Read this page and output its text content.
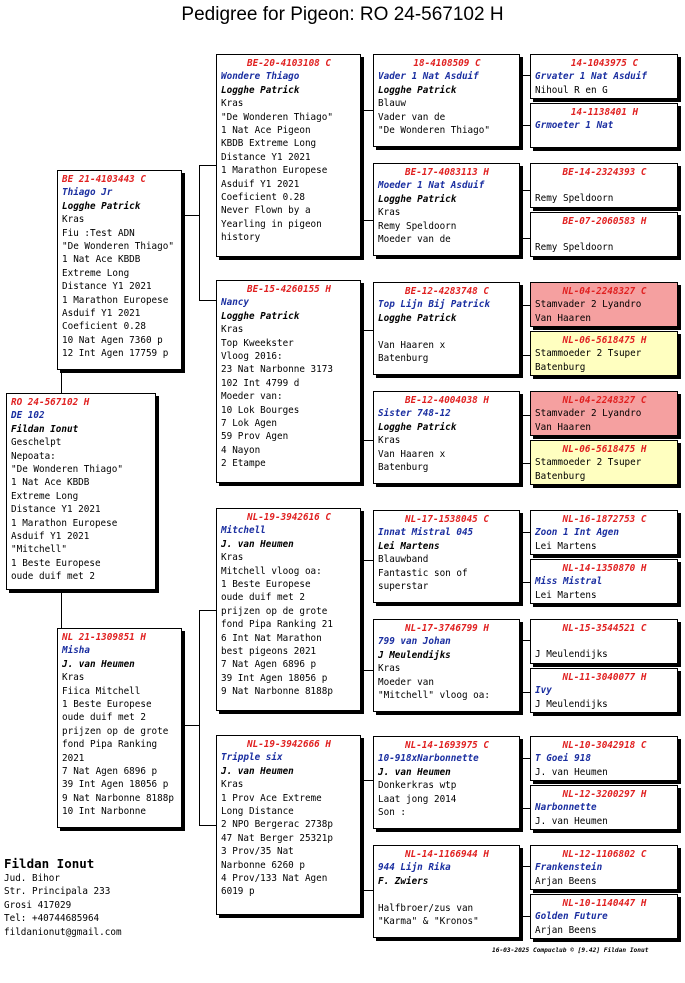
Pedigree for Pigeon: RO 24-567102 H
RO 24-567102 H
DE 102
Fildan Ionut
Geschelpt
Nepoata:
"De Wonderen Thiago"
1 Nat Ace KBDB
Extreme Long
Distance Y1 2021
1 Marathon Europese
Asduif Y1 2021
"Mitchell"
1 Beste Europese
oude duif met 2
BE 21-4103443 C
Thiago Jr
Logghe Patrick
Kras
Fiu :Test ADN
"De Wonderen Thiago"
1 Nat Ace KBDB
Extreme Long
Distance Y1 2021
1 Marathon Europese
Asduif Y1 2021
Coeficient 0.28
10 Nat Agen 7360 p
12 Int Agen 17759 p
NL 21-1309851 H
Misha
J. van Heumen
Kras
Fiica Mitchell
1 Beste Europese
oude duif met 2
prijzen op de grote
fond Pipa Ranking
2021
7 Nat Agen 6896 p
39 Int Agen 18056 p
9 Nat Narbonne 8188p
10 Int Narbonne
BE-20-4103108 C
Wondere Thiago
Logghe Patrick
Kras
"De Wonderen Thiago"
1 Nat Ace Pigeon
KBDB Extreme Long
Distance Y1 2021
1 Marathon Europese
Asduif Y1 2021
Coeficient 0.28
Never Flown by a
Yearling in pigeon
history
BE-15-4260155 H
Nancy
Logghe Patrick
Kras
Top Kweekster
Vloog 2016:
23 Nat Narbonne 3173
102 Int 4799 d
Moeder van:
10 Lok Bourges
7 Lok Agen
59 Prov Agen
4 Nayon
2 Etampe
NL-19-3942616 C
Mitchell
J. van Heumen
Kras
Mitchell vloog oa:
1 Beste Europese
oude duif met 2
prijzen op de grote
fond Pipa Ranking 21
6 Int Nat Marathon
best pigeons 2021
7 Nat Agen 6896 p
39 Int Agen 18056 p
9 Nat Narbonne 8188p
NL-19-3942666 H
Tripple six
J. van Heumen
Kras
1 Prov Ace Extreme
Long Distance
2 NPO Bergerac 2738p
47 Nat Berger 25321p
3 Prov/35 Nat
Narbonne 6260 p
4 Prov/133 Nat Agen
6019 p
18-4108509 C
Vader 1 Nat Asduif
Logghe Patrick
Blauw
Vader van de
"De Wonderen Thiago"
BE-17-4083113 H
Moeder 1 Nat Asduif
Logghe Patrick
Kras
Remy Speldoorn
Moeder van de
BE-12-4283748 C
Top Lijn Bij Patrick
Logghe Patrick

Van Haaren x
Batenburg
BE-12-4004038 H
Sister 748-12
Logghe Patrick
Kras
Van Haaren x
Batenburg
NL-17-1538045 C
Innat Mistral 045
Lei Martens
Blauwband
Fantastic son of
superstar
NL-17-3746799 H
799 van Johan
J Meulendijks
Kras
Moeder van
"Mitchell" vloog oa:
NL-14-1693975 C
10-918xNarbonnette
J. van Heumen
Donkerkras wtp
Laat jong 2014
Son :
NL-14-1166944 H
944 Lijn Rika
F. Zwiers

Halfbroer/zus van
"Karma" & "Kronos"
14-1043975 C
Grvater 1 Nat Asduif
Nihoul R en G
14-1138401 H
Grmoeter 1 Nat
BE-14-2324393 C
Remy Speldoorn
BE-07-2060583 H
Remy Speldoorn
NL-04-2248327 C
Stamvader 2 Lyandro
Van Haaren
NL-06-5618475 H
Stammoeder 2 Tsuper
Batenburg
NL-04-2248327 C
Stamvader 2 Lyandro
Van Haaren
NL-06-5618475 H
Stammoeder 2 Tsuper
Batenburg
NL-16-1872753 C
Zoon 1 Int Agen
Lei Martens
NL-14-1350870 H
Miss Mistral
Lei Martens
NL-15-3544521 C
J Meulendijks
NL-11-3040077 H
Ivy
J Meulendijks
NL-10-3042918 C
T Goei 918
J. van Heumen
NL-12-3200297 H
Narbonnette
J. van Heumen
NL-12-1106802 C
Frankenstein
Arjan Beens
NL-10-1140447 H
Golden Future
Arjan Beens
Fildan Ionut
Jud. Bihor
Str. Principala 233
Grosi 417029
Tel: +40744685964
fildanionut@gmail.com
16-03-2025 Compuclub © [9.42] Fildan Ionut
